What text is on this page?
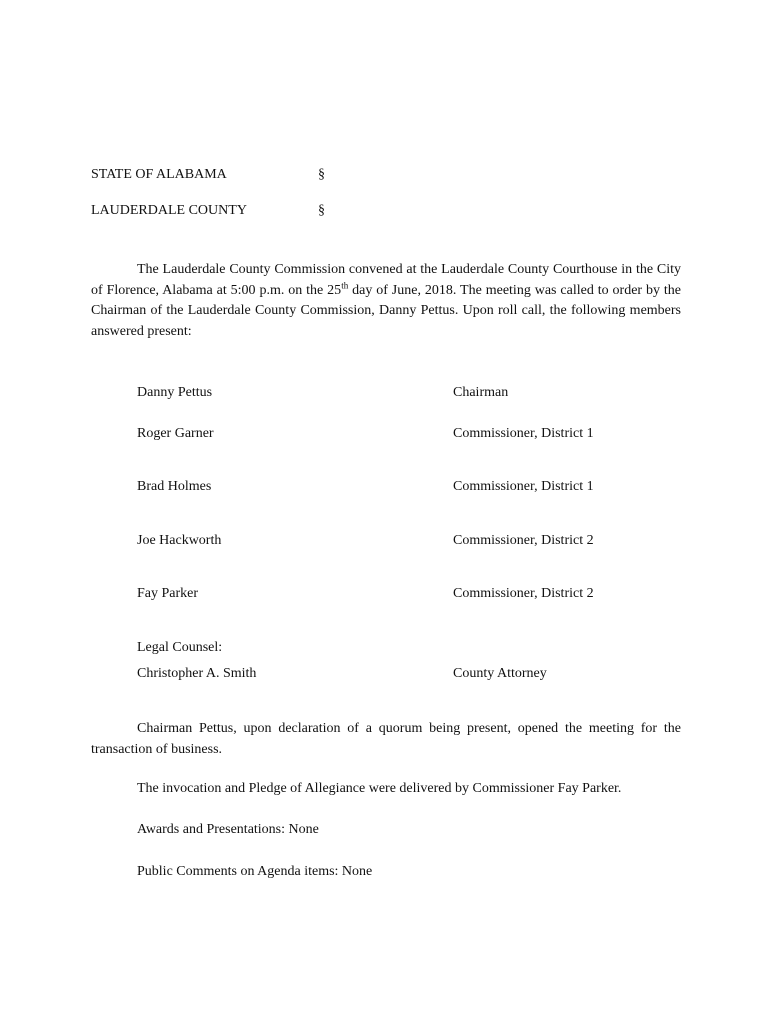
STATE OF ALABAMA	§
LAUDERDALE COUNTY	§
The Lauderdale County Commission convened at the Lauderdale County Courthouse in the City of Florence, Alabama at 5:00 p.m. on the 25th day of June, 2018. The meeting was called to order by the Chairman of the Lauderdale County Commission, Danny Pettus. Upon roll call, the following members answered present:
Danny Pettus	Chairman
Roger Garner	Commissioner, District 1
Brad Holmes	Commissioner, District 1
Joe Hackworth	Commissioner, District 2
Fay Parker	Commissioner, District 2
Legal Counsel:
Christopher A. Smith	County Attorney
Chairman Pettus, upon declaration of a quorum being present, opened the meeting for the transaction of business.
The invocation and Pledge of Allegiance were delivered by Commissioner Fay Parker.
Awards and Presentations: None
Public Comments on Agenda items: None
